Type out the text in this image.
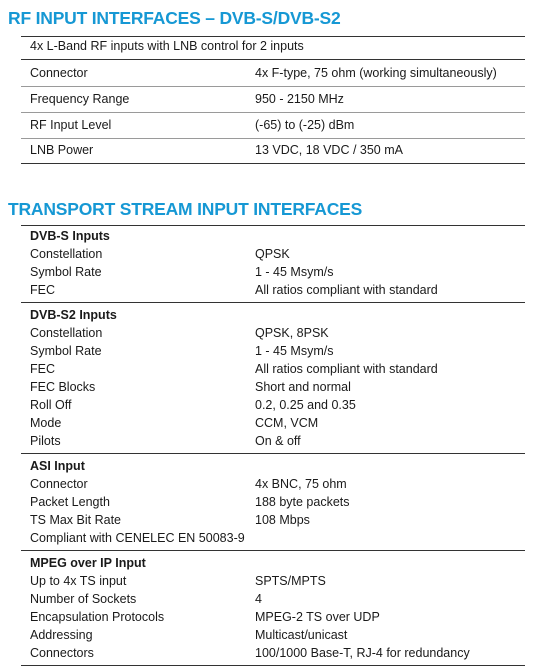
RF INPUT INTERFACES – DVB-S/DVB-S2
4x L-Band RF inputs with LNB control for 2 inputs
Connector	4x F-type, 75 ohm (working simultaneously)
Frequency Range	950 - 2150 MHz
RF Input Level	(-65) to (-25) dBm
LNB Power	13 VDC, 18 VDC / 350 mA
TRANSPORT STREAM INPUT INTERFACES
DVB-S Inputs
Constellation	QPSK
Symbol Rate	1 - 45 Msym/s
FEC	All ratios compliant with standard
DVB-S2 Inputs
Constellation	QPSK, 8PSK
Symbol Rate	1 - 45 Msym/s
FEC	All ratios compliant with standard
FEC Blocks	Short and normal
Roll Off	0.2, 0.25 and 0.35
Mode	CCM, VCM
Pilots	On & off
ASI Input
Connector	4x BNC, 75 ohm
Packet Length	188 byte packets
TS Max Bit Rate	108 Mbps
Compliant with CENELEC EN 50083-9
MPEG over IP Input
Up to 4x TS input	SPTS/MPTS
Number of Sockets	4
Encapsulation Protocols	MPEG-2 TS over UDP
Addressing	Multicast/unicast
Connectors	100/1000 Base-T, RJ-4 for redundancy
